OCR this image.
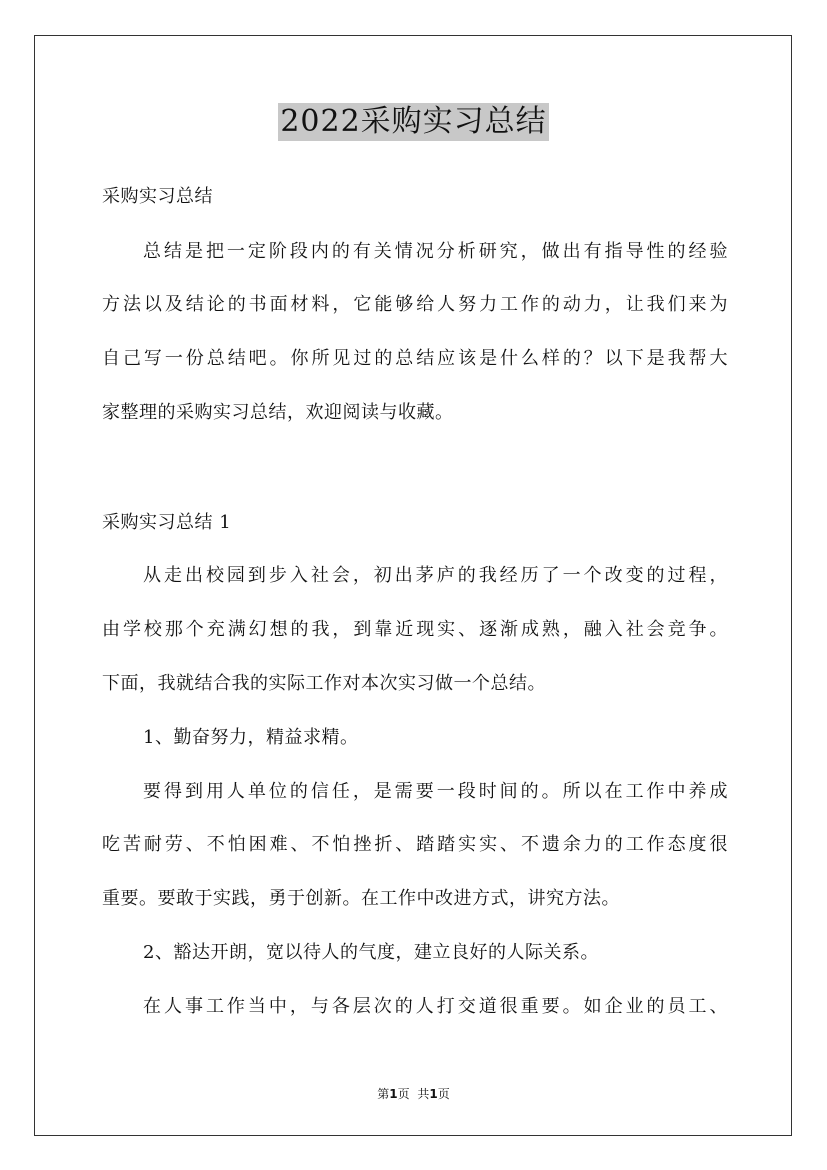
2022采购实习总结
采购实习总结
总结是把一定阶段内的有关情况分析研究，做出有指导性的经验
方法以及结论的书面材料，它能够给人努力工作的动力，让我们来为
自己写一份总结吧。你所见过的总结应该是什么样的？以下是我帮大
家整理的采购实习总结，欢迎阅读与收藏。
采购实习总结 1
从走出校园到步入社会，初出茅庐的我经历了一个改变的过程，
由学校那个充满幻想的我，到靠近现实、逐渐成熟，融入社会竞争。
下面，我就结合我的实际工作对本次实习做一个总结。
1、勤奋努力，精益求精。
要得到用人单位的信任，是需要一段时间的。所以在工作中养成
吃苦耐劳、不怕困难、不怕挫折、踏踏实实、不遗余力的工作态度很
重要。要敢于实践，勇于创新。在工作中改进方式，讲究方法。
2、豁达开朗，宽以待人的气度，建立良好的人际关系。
在人事工作当中，与各层次的人打交道很重要。如企业的员工、
第1页 共1页
